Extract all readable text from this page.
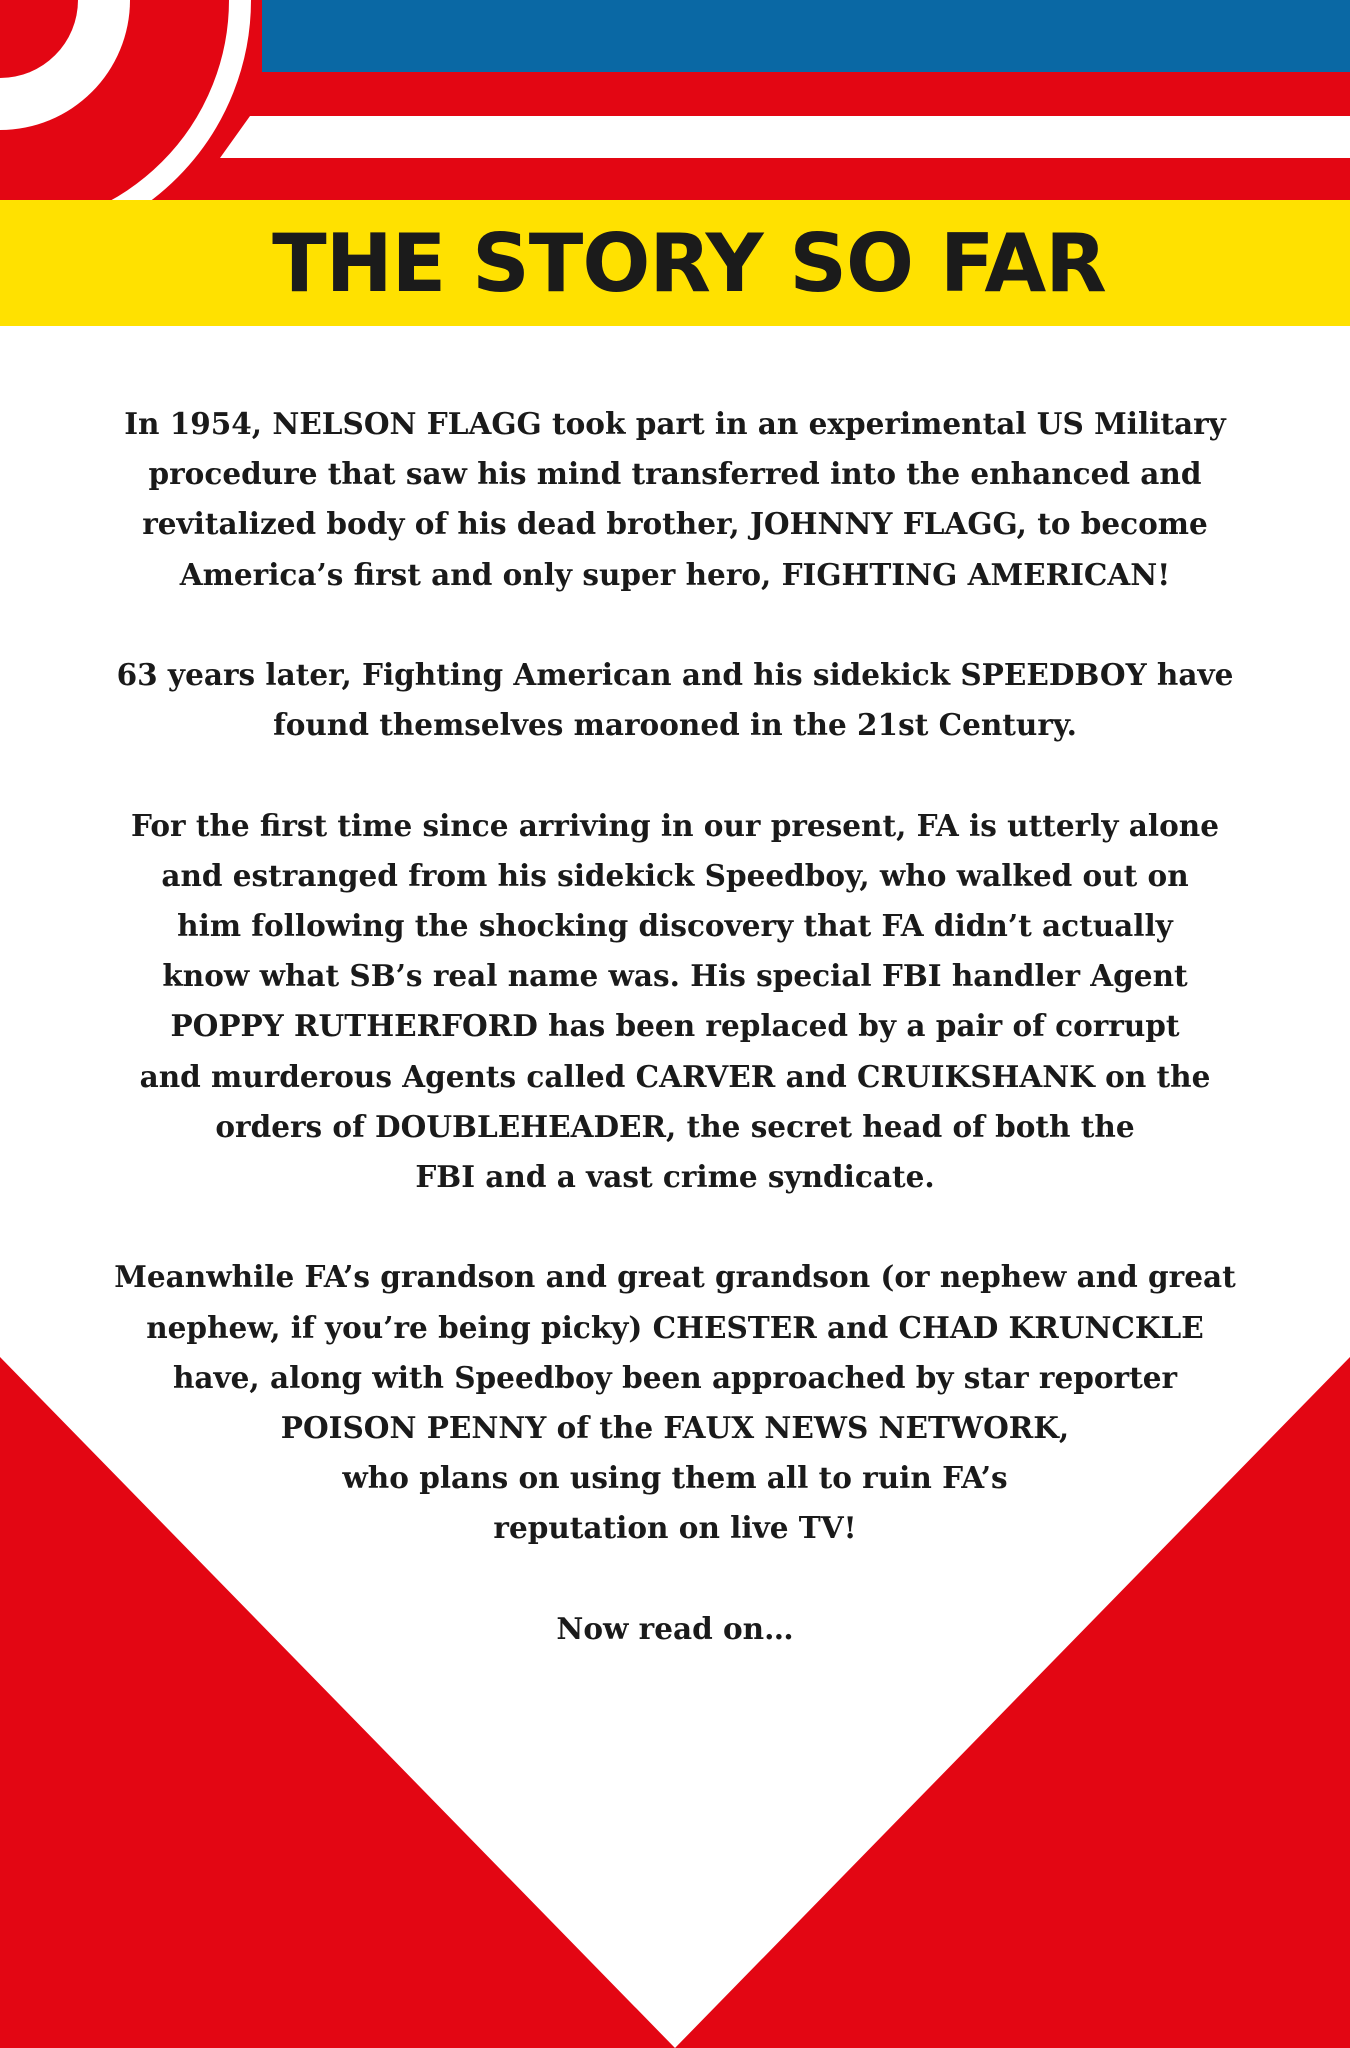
THE STORY SO FAR

In 1954, NELSON FLAGG took part in an experimental US Military
procedure that saw his mind transferred into the enhanced and
revitalized body of his dead brother, JOHNNY FLAGG, to become
America’s first and only super hero, FIGHTING AMERICAN!

63 years later, Fighting American and his sidekick SPEEDBOY have
found themselves marooned in the 21st Century.

For the first time since arriving in our present, FA is utterly alone
and estranged from his sidekick Speedboy, who walked out on
him following the shocking discovery that FA didn’t actually
know what SB’s real name was. His special FBI handler Agent
POPPY RUTHERFORD has been replaced by a pair of corrupt
and murderous Agents called CARVER and CRUIKSHANK on the
orders of DOUBLEHEADER, the secret head of both the
FBI and a vast crime syndicate.

Meanwhile FA’s grandson and great grandson (or nephew and great
nephew, if you’re being picky) CHESTER and CHAD KRUNCKLE
have, along with Speedboy been approached by star reporter
POISON PENNY of the FAUX NEWS NETWORK,
who plans on using them all to ruin FA’s
reputation on live TV!

Now read on…
